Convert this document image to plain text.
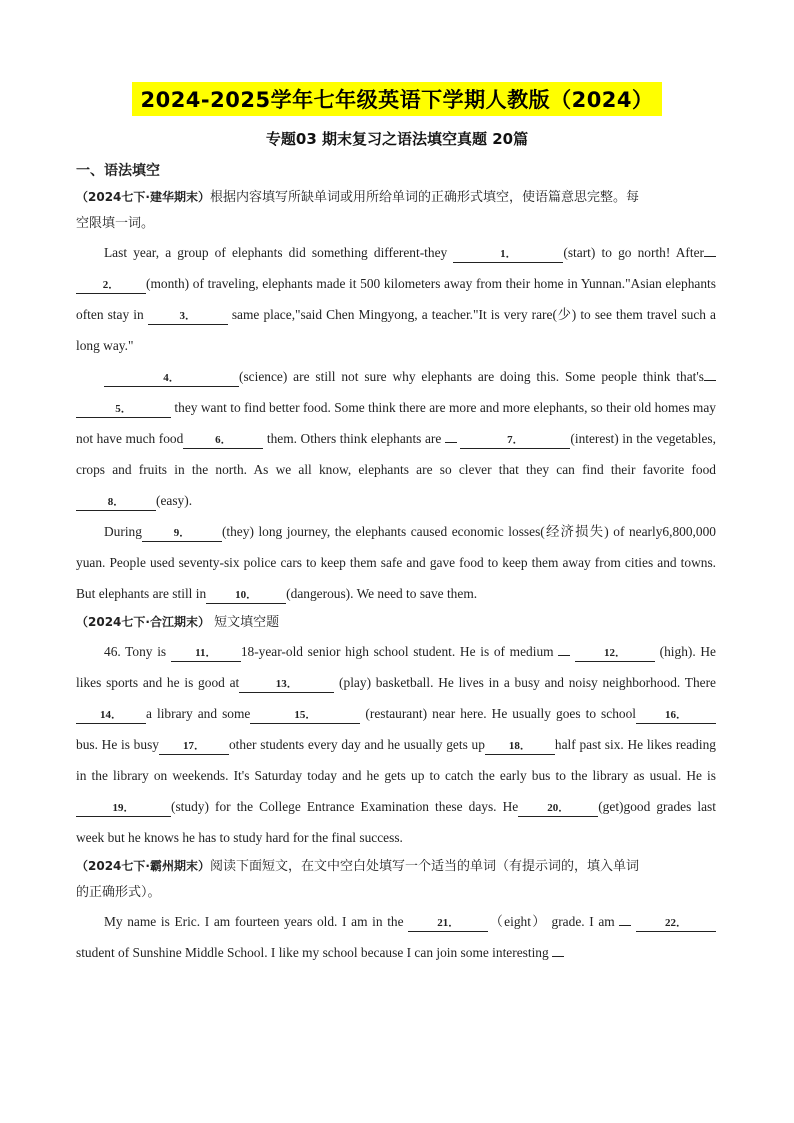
2024-2025学年七年级英语下学期人教版（2024）
专题03 期末复习之语法填空真题 20篇

一、语法填空

（2024七下·建华期末）根据内容填写所缺单词或用所给单词的正确形式填空，使语篇意思完整。每

空限填一词。

Last year, a group of elephants did something different-they	1．	(start) to go north! After 2． (month) of traveling, elephants made it 500 kilometers away from their home in Yunnan."Asian elephants often stay in	3． same place,"said Chen Mingyong, a teacher."It is very rare(少) to see them travel such a long way."

4．	(science) are still not sure why elephants are doing this. Some people think that's 5．	they want to find better food. Some think there are more and more elephants, so their old homes may not have much food	6． them. Others think elephants are	7．	(interest) in the vegetables, crops and fruits in the north. As we all know, elephants are so clever that they can find their favorite food8． (easy).

During	9． (they) long journey, the elephants caused economic losses(经济损失) of nearly6,800,000 yuan. People used seventy-six police cars to keep them safe and gave food to keep them away from cities and towns. But elephants are still in	10． (dangerous). We need to save them.

（2024七下·合江期末） 短文填空题

46. Tony is 11． 18-year-old senior high school student. He is of medium	12． (high). He likes sports and he is good at	13．	(play) basketball. He lives in a busy and noisy neighborhood. There14． a library and some	15．	(restaurant) near here. He usually goes to school	16．bus. He is busy 17． other students every day and he usually gets up 18． half past six. He likes reading in the library on weekends. It's Saturday today and he gets up to catch the early bus to the library as usual. He is19．	(study) for the College Entrance Examination these days. He	20． (get)good grades last week but he knows he has to study hard for the final success.

（2024七下·霸州期末）阅读下面短文，在文中空白处填写一个适当的单词（有提示词的，填入单词

的正确形式）。

My name is Eric. I am fourteen years old. I am in the	21． （eight） grade. I am	22． student of Sunshine Middle School. I like my school because I can join some interesting
